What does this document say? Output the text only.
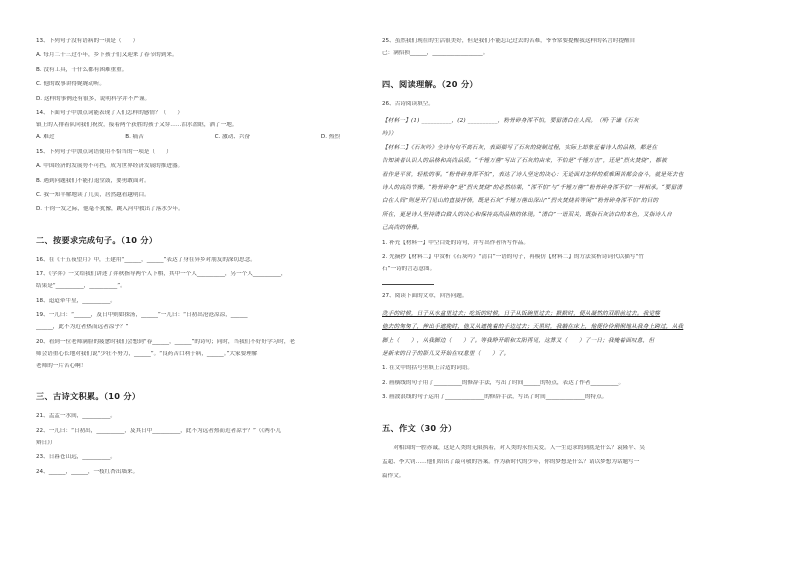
13、下列句子没有语病的一项是（　　）
A. 每月二十三过小年，乡下孩子们又迎来了春节的到来。
B. 没有工具，干什么都有困难重重。
C. 他的故事讲得娓娓动听。
D. 这样的事例还有很多，说明科学并不严谨。
14、下面句子中加点词能表现了人们怎样的感情？（　　）
镇上的人排着队向我们祝贺，接着两个获胜的孩子又穿……泪水盈眶，洒了一地。
A. 难过	B. 痛苦	C. 激动、兴奋	D. 热烈
15、下列句子中加点词语使用不恰当的一项是（　　）
A. 中国经济的发展势不可挡，成为世界经济发展的推进器。
B. 遇到问题我们不能打退堂鼓，要勇敢面对。
C. 我一知半解地读了几页，居然越看越明白。
D. 千钧一发之际，他毫不犹豫，跳入河中救出了落水少年。
二、按要求完成句子。（10 分）
16、在《十五夜望月》中，王建用“______，______”表达了身在异乡对朋友的深切思念。
17、《学弈》一文给我们讲述了弈秋指导两个人下棋，其中一个人__________，另一个人__________，
结果是“__________，__________”。
18、迢迢牵牛星，__________。
19、一儿曰：“______，及日中则如探汤，______”一儿曰：“日初出沧沧凉凉，______
______，此不为近者热而远者凉乎？”
20、看到一位老师满脸的疲惫时我们会想到“春______，______”的诗句；同时，当我们不好好学习时，老
师会语重心长地对我们说“少壮不努力，______”。“良药苦口利于病，______。”大家要理解
老师的一片苦心啊！
三、古诗文积累。（10 分）
21、孟孟一水间，__________。
22、一儿曰：“日初出，__________，及其日中__________，此不为远者热而近者凉乎？”（《两小儿
辩日》）
23、日暮苍山远，__________。
24、______，______，一枝红杏出墙来。
25、虽然我们现在的生活很美好，但是我们不能忘记过去的苦难，爷爷常要提醒我这样的名言时提醒自
己：满招损______，__________________。
四、阅读理解。（20 分）
26、古诗阅读填空。
【材料一】(1) __________，(2) __________，粉骨碎身浑不怕，要留清白在人间。（明·于谦《石灰
吟》）
【材料二】《石灰吟》全诗句句不离石灰，表面描写了石灰的烧制过程，实际上却象征着诗人的品格，都是在
告知读者认识人的品格和高尚品质。“千锤万凿”写出了石灰的由来，不怕是“千锤万击”，还是“烈火焚烧”，都被
看作是平常，轻松的事。“粉骨碎身浑不怕”，表达了诗人坚定的决心：无论面对怎样的艰难困苦都会奋斗，就是死去也
诗人的高尚节操。“粉骨碎身”是“烈火焚烧”的必然结果，“浑不怕”与“千锤万凿”“粉骨碎身浑不怕”一样相承。“要留清
白在人间”则是开门见山的直接抒情，既是石灰“千锤万凿出深山”“烈火焚烧若等闲”“粉骨碎身浑不怕”的目的
所在，更是诗人坚持清白做人的决心和保持高尚品格的体现。“清白”一语双关，既指石灰洁白的本色，又指诗人自
己高尚的情操。
1. 补充【材料一】中空白处的诗句，并写出作者所写作品。
2. 先摘抄【材料二】中赏析《石灰吟》“清白”一语的句子，再模仿【材料二】的方法赏析诗词代以描写“竹
石”一诗的言志意图。
27、阅读下面的文章，回答问题。
洗手的时候，日子从水盆里过去；吃饭的时候，日子从饭碗里过去；默默时，便从凝然的双眼前过去。我觉察
他去的匆匆了，伸出手遮挽时，他又从遮挽着的手边过去；天黑时，我躺在床上，他便伶伶俐俐地从我身上跨过，从我
脚上（　　），从我脚边（　　）了。等我睁开眼和太阳再见，这算又（　　）了一日；我掩着面叹息，但
是新来的日子的影儿又开始在叹息里（　　）了。
1. 在文中的括号里填上合适的词语。
2. 画横线的句子用了__________的修辞手法，写出了时间______的特点，表达了作者__________。
3. 画波浪线的句子运用了______________的修辞手法，写出了时间______________的特点。
五、作文（30 分）
　　对相国的一腔赤诚，这是人类的无限执着，对人类的永恒关爱。人一生追求的到底是什么？袁隆平、吴
孟超、李大钊……他们给出了最可敬的答案。作为新时代的少年，你的梦想是什么？请以梦想为话题写一
篇作文。
